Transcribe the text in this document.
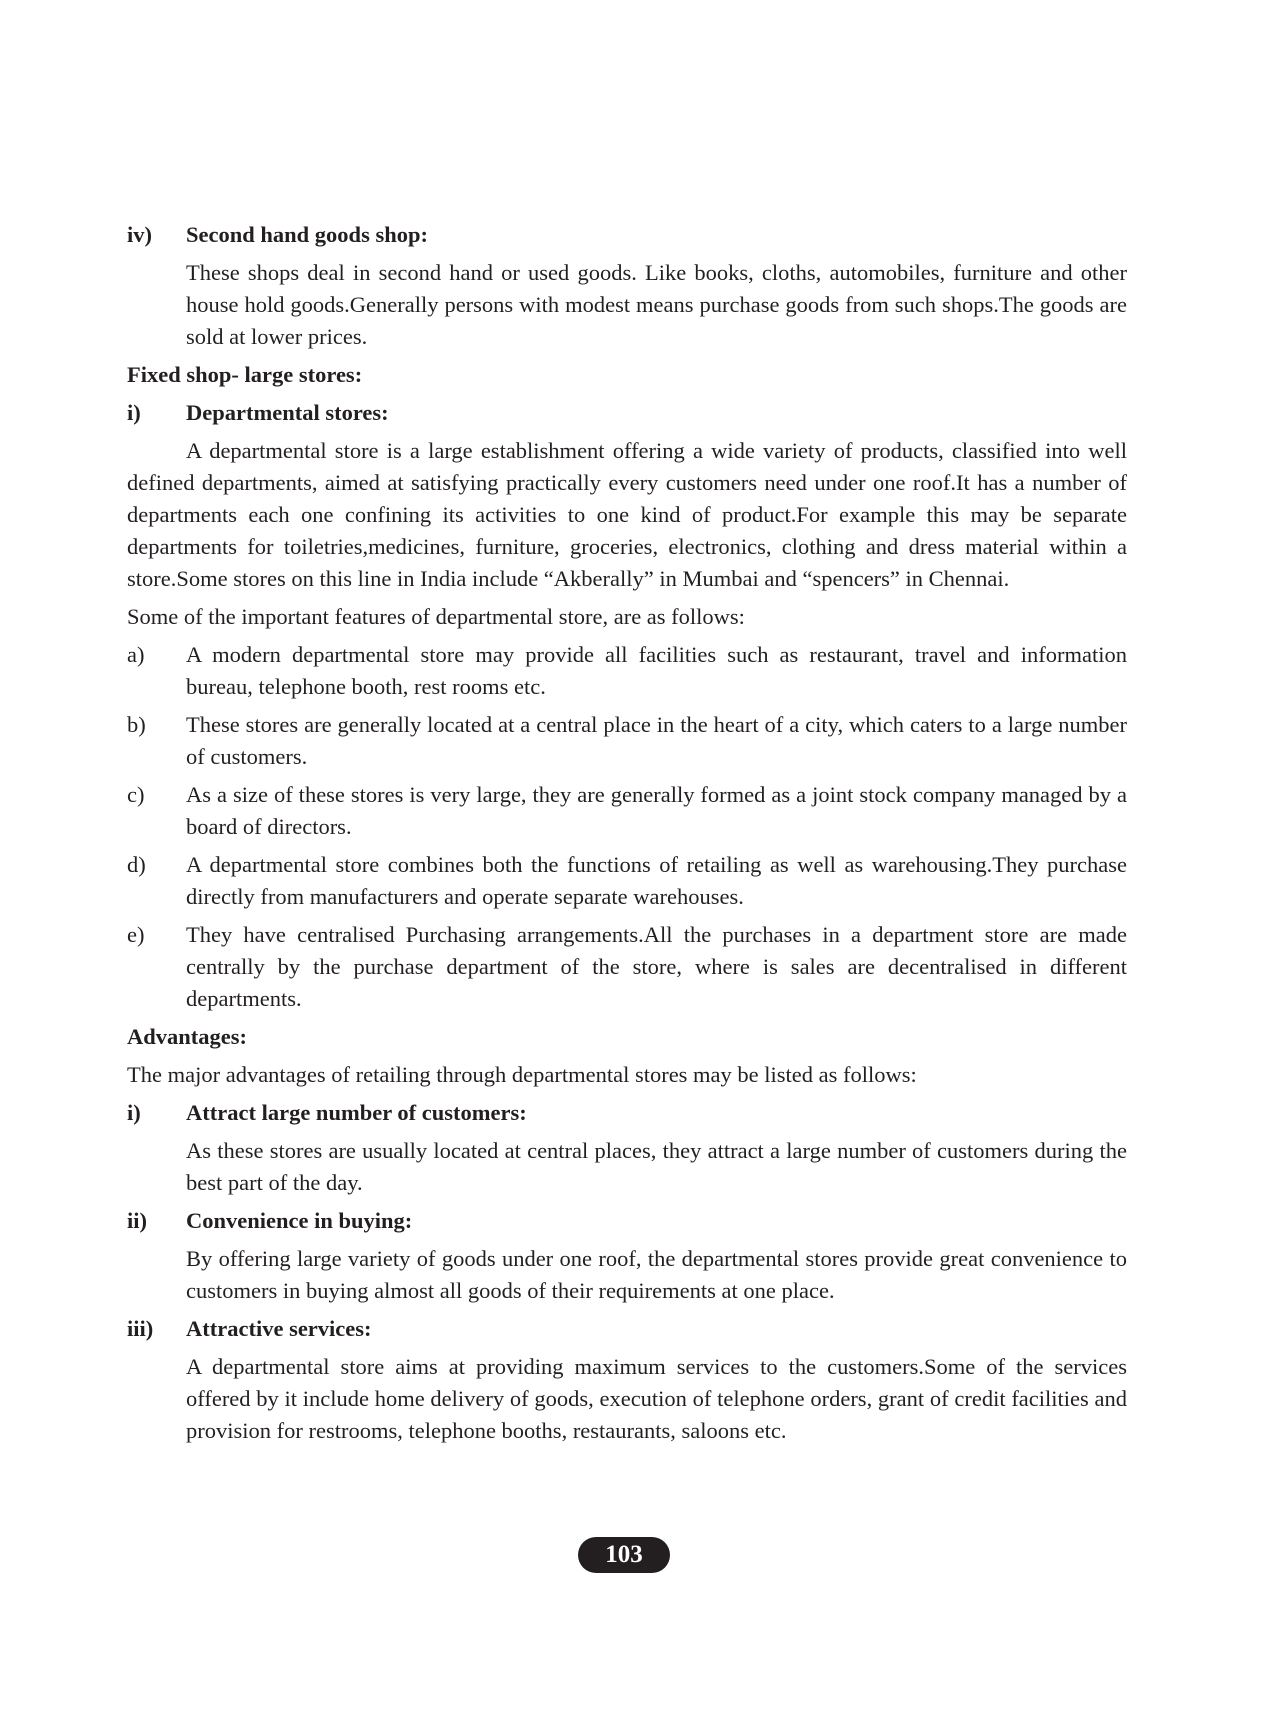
iv)	Second hand goods shop:
These shops deal in second hand or used goods. Like books, cloths, automobiles, furniture and other house hold goods.Generally persons with modest means purchase goods from such shops.The goods are sold at lower prices.
Fixed shop- large stores:
i)	Departmental stores:
A departmental store is a large establishment offering a wide variety of products, classified into well defined departments, aimed at satisfying practically every customers need under one roof.It has a number of departments each one confining its activities to one kind of product.For example this may be separate departments for toiletries,medicines, furniture, groceries, electronics, clothing and dress material within a store.Some stores on this line in India include “Akberally” in Mumbai and “spencers” in Chennai.
Some of the important features of departmental store, are as follows:
a)	A modern departmental store may provide all facilities such as restaurant, travel and information bureau, telephone booth, rest rooms etc.
b)	These stores are generally located at a central place in the heart of a city, which caters to a large number of customers.
c)	As a size of these stores is very large, they are generally formed as a joint stock company managed by a board of directors.
d)	A departmental store combines both the functions of retailing as well as warehousing.They purchase directly from manufacturers and operate separate warehouses.
e)	They have centralised Purchasing arrangements.All the purchases in a department store are made centrally by the purchase department of the store, where is sales are decentralised in different departments.
Advantages:
The major advantages of retailing through departmental stores may be listed as follows:
i)	Attract large number of customers:
As these stores are usually located at central places, they attract a large number of customers during the best part of the day.
ii)	Convenience in buying:
By offering large variety of goods under one roof, the departmental stores provide great convenience to customers in buying almost all goods of their requirements at one place.
iii)	Attractive services:
A departmental store aims at providing maximum services to the customers.Some of the services offered by it include home delivery of goods, execution of telephone orders, grant of credit facilities and provision for restrooms, telephone booths, restaurants, saloons etc.
103
